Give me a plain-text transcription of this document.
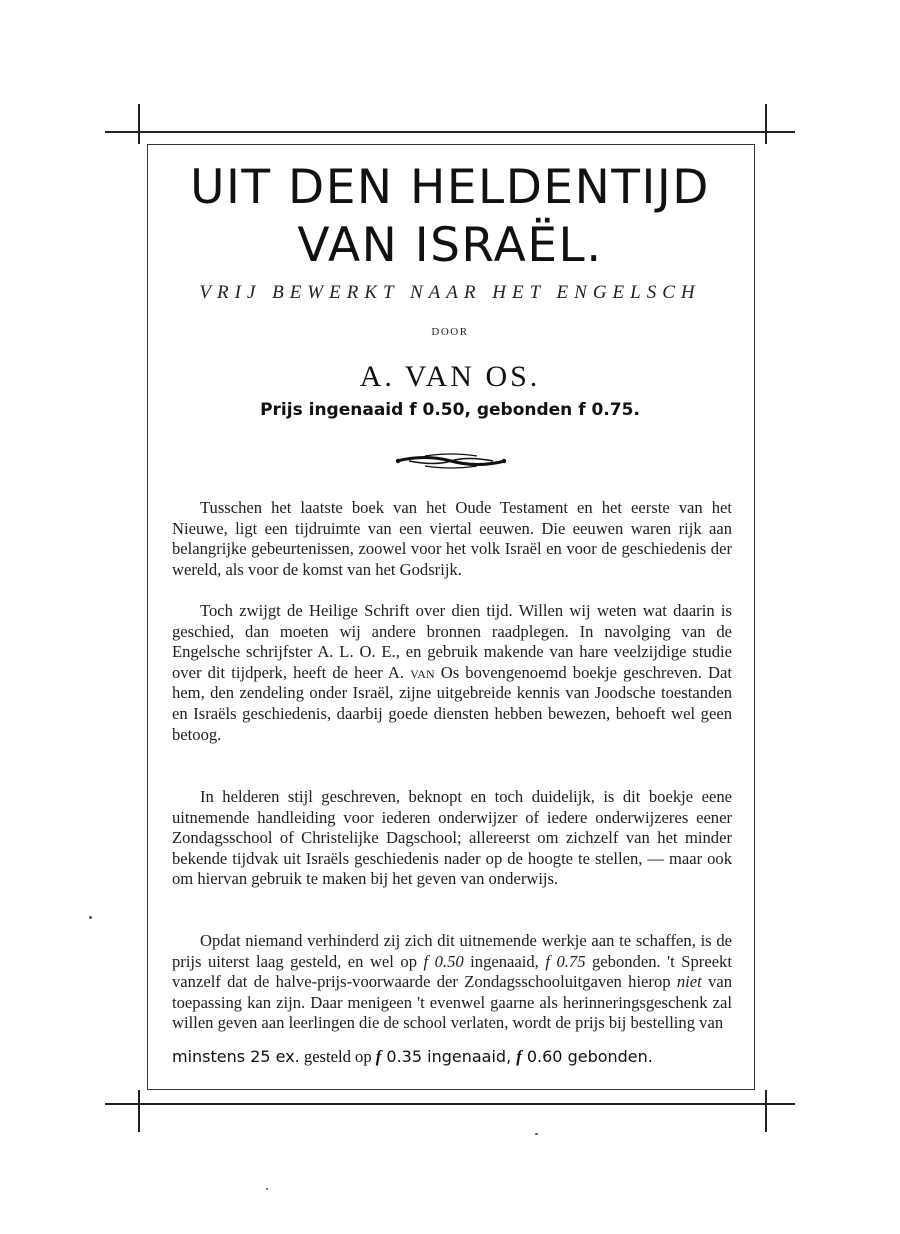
UIT DEN HELDENTIJD
VAN ISRAËL.
VRIJ BEWERKT NAAR HET ENGELSCH
DOOR
A. VAN OS.
Prijs ingenaaid f 0.50, gebonden f 0.75.

Tusschen het laatste boek van het Oude Testament en het eerste van het Nieuwe, ligt een tijdruimte van een viertal eeuwen. Die eeuwen waren rijk aan belangrijke gebeurtenissen, zoowel voor het volk Israël en voor de geschiedenis der wereld, als voor de komst van het Godsrijk.

Toch zwijgt de Heilige Schrift over dien tijd. Willen wij weten wat daarin is geschied, dan moeten wij andere bronnen raadplegen. In navolging van de Engelsche schrijfster A. L. O. E., en gebruik makende van hare veelzijdige studie over dit tijdperk, heeft de heer A. van Os bovengenoemd boekje geschreven. Dat hem, den zendeling onder Israël, zijne uitgebreide kennis van Joodsche toestanden en Israëls geschiedenis, daarbij goede diensten hebben bewezen, behoeft wel geen betoog.

In helderen stijl geschreven, beknopt en toch duidelijk, is dit boekje eene uitnemende handleiding voor iederen onderwijzer of iedere onderwijzeres eener Zondagsschool of Christelijke Dagschool; allereerst om zichzelf van het minder bekende tijdvak uit Israëls geschiedenis nader op de hoogte te stellen, — maar ook om hiervan gebruik te maken bij het geven van onderwijs.

Opdat niemand verhinderd zij zich dit uitnemende werkje aan te schaffen, is de prijs uiterst laag gesteld, en wel op f 0.50 ingenaaid, f 0.75 gebonden. 't Spreekt vanzelf dat de halve-prijs-voorwaarde der Zondagsschooluitgaven hierop niet van toepassing kan zijn. Daar menigeen 't evenwel gaarne als herinneringsgeschenk zal willen geven aan leerlingen die de school verlaten, wordt de prijs bij bestelling van

minstens 25 ex. gesteld op f 0.35 ingenaaid, f 0.60 gebonden.
